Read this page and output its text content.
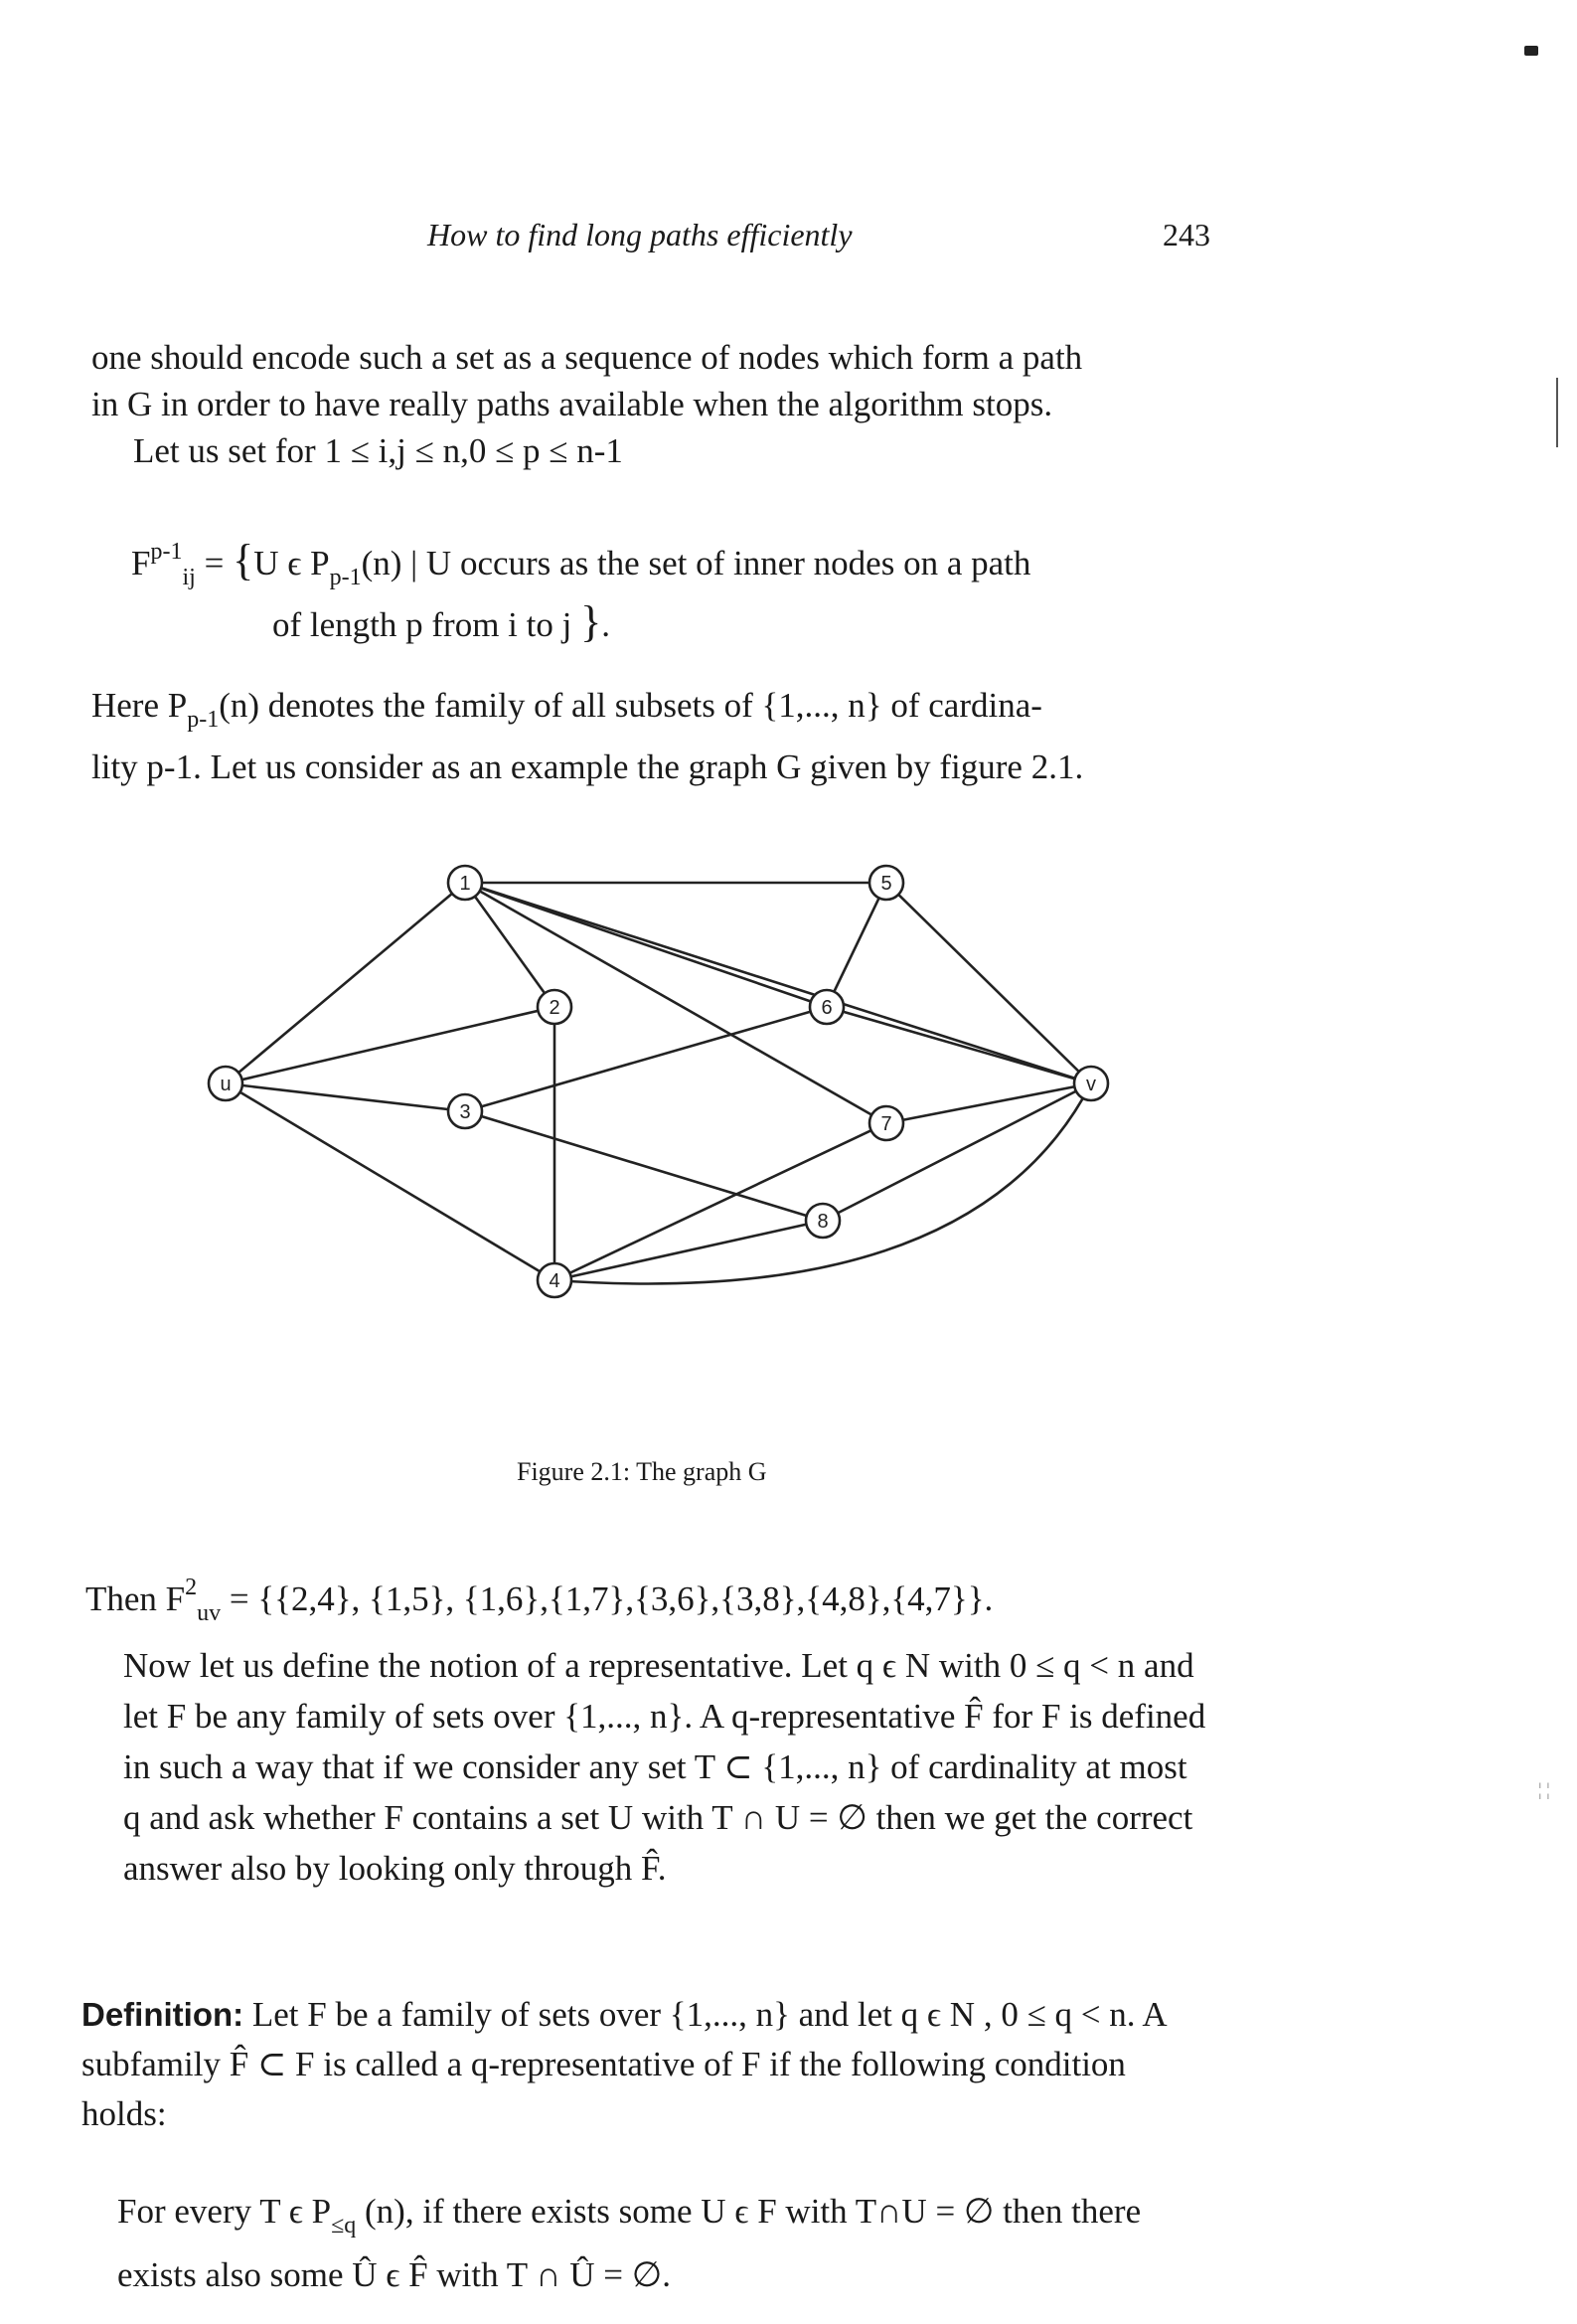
How to find long paths efficiently	243
one should encode such a set as a sequence of nodes which form a path
in G in order to have really paths available when the algorithm stops.
Let us set for 1 ≤ i,j ≤ n,0 ≤ p ≤ n-1
$F^{p-1}_{ij} = \{U$ ϵ $P_{p-1}(n)$ | U occurs as the set of inner nodes on a path
of length p from i to j }.
Here $P_{p-1}(n)$ denotes the family of all subsets of {1,..., n} of cardina-
lity p-1. Let us consider as an example the graph G given by figure 2.1.
u
1
2
3
4
5
6
7
8
v
Figure 2.1: The graph G
Then $F^2_{uv} = \{\{2,4\}$, {1,5}, {1,6},{1,7},{3,6},{3,8},{4,8},{4,7}}.
Now let us define the notion of a representative. Let q ϵ N with 0 ≤ q < n and let F be any family of sets over {1,..., n}. A q-representative F̂ for F is defined in such a way that if we consider any set T ⊂ {1,..., n} of cardinality at most q and ask whether F contains a set U with T ∩ U = ∅ then we get the correct answer also by looking only through F̂.
¦ ¦
Definition: Let F be a family of sets over {1,..., n} and let q ϵ N , 0 ≤ q < n. A subfamily F̂ ⊂ F is called a q-representative of F if the following condition holds:
For every T ϵ $P_{\le q}$ (n), if there exists some U ϵ F with T∩U = ∅ then there exists also some Û ϵ F̂ with T ∩ Û = ∅.
